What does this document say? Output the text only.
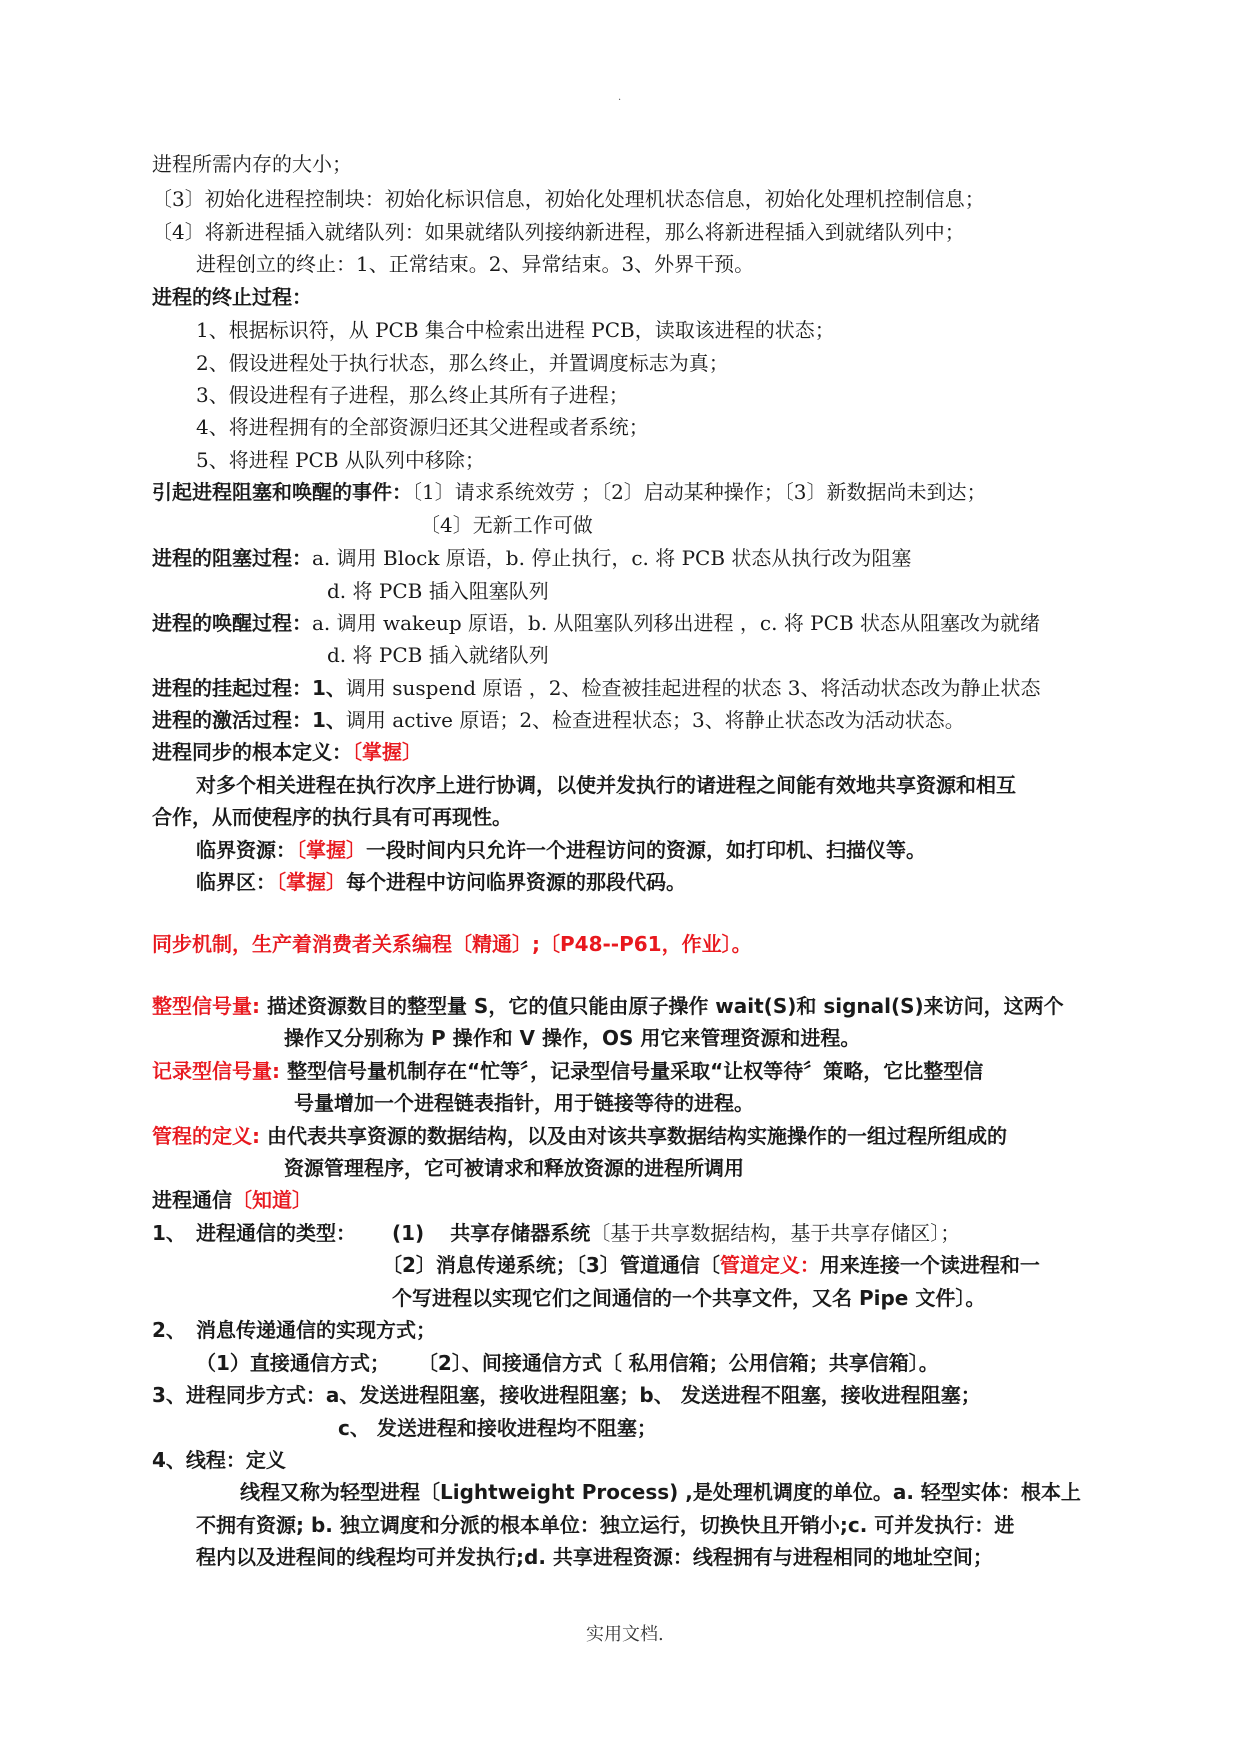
.
进程所需内存的大小；
〔3〕初始化进程控制块：初始化标识信息，初始化处理机状态信息，初始化处理机控制信息；
〔4〕将新进程插入就绪队列：如果就绪队列接纳新进程，那么将新进程插入到就绪队列中；
进程创立的终止：1、正常结束。2、异常结束。3、外界干预。
进程的终止过程：
1、根据标识符，从 PCB 集合中检索出进程 PCB，读取该进程的状态；
2、假设进程处于执行状态，那么终止，并置调度标志为真；
3、假设进程有子进程，那么终止其所有子进程；
4、将进程拥有的全部资源归还其父进程或者系统；
5、将进程 PCB 从队列中移除；
引起进程阻塞和唤醒的事件：〔1〕请求系统效劳 ；〔2〕启动某种操作；〔3〕新数据尚未到达；
〔4〕无新工作可做
进程的阻塞过程：a. 调用 Block 原语，b. 停止执行，c. 将 PCB 状态从执行改为阻塞
d. 将 PCB 插入阻塞队列
进程的唤醒过程：a. 调用 wakeup 原语，b. 从阻塞队列移出进程 ，c. 将 PCB 状态从阻塞改为就绪
d. 将 PCB 插入就绪队列
进程的挂起过程：1、调用 suspend 原语 ，2、检查被挂起进程的状态 3、将活动状态改为静止状态
进程的激活过程：1、调用 active 原语；2、检查进程状态；3、将静止状态改为活动状态。
进程同步的根本定义：〔掌握〕
对多个相关进程在执行次序上进行协调，以使并发执行的诸进程之间能有效地共享资源和相互
合作，从而使程序的执行具有可再现性。
临界资源：〔掌握〕一段时间内只允许一个进程访问的资源，如打印机、扫描仪等。
临界区：〔掌握〕每个进程中访问临界资源的那段代码。
同步机制，生产着消费者关系编程〔精通〕;〔P48--P61，作业〕。
整型信号量: 描述资源数目的整型量 S，它的值只能由原子操作 wait(S)和 signal(S)来访问，这两个
操作又分别称为 P 操作和 V 操作，OS 用它来管理资源和进程。
记录型信号量: 整型信号量机制存在“忙等〞，记录型信号量采取“让权等待〞策略，它比整型信
号量增加一个进程链表指针，用于链接等待的进程。
管程的定义: 由代表共享资源的数据结构，以及由对该共享数据结构实施操作的一组过程所组成的
资源管理程序，它可被请求和释放资源的进程所调用
进程通信〔知道〕
1、 进程通信的类型： (1) 共享存储器系统〔基于共享数据结构，基于共享存储区〕；
〔2〕消息传递系统；〔3〕管道通信〔管道定义：用来连接一个读进程和一
个写进程以实现它们之间通信的一个共享文件，又名 Pipe 文件〕。
2、 消息传递通信的实现方式；
（1）直接通信方式； 〔2〕、间接通信方式〔 私用信箱；公用信箱；共享信箱〕。
3、进程同步方式：a、发送进程阻塞，接收进程阻塞；b、 发送进程不阻塞，接收进程阻塞；
c、 发送进程和接收进程均不阻塞；
4、线程：定义
线程又称为轻型进程〔Lightweight Process) ,是处理机调度的单位。a. 轻型实体：根本上
不拥有资源; b. 独立调度和分派的根本单位：独立运行，切换快且开销小;c. 可并发执行：进
程内以及进程间的线程均可并发执行;d. 共享进程资源：线程拥有与进程相同的地址空间；
实用文档.
